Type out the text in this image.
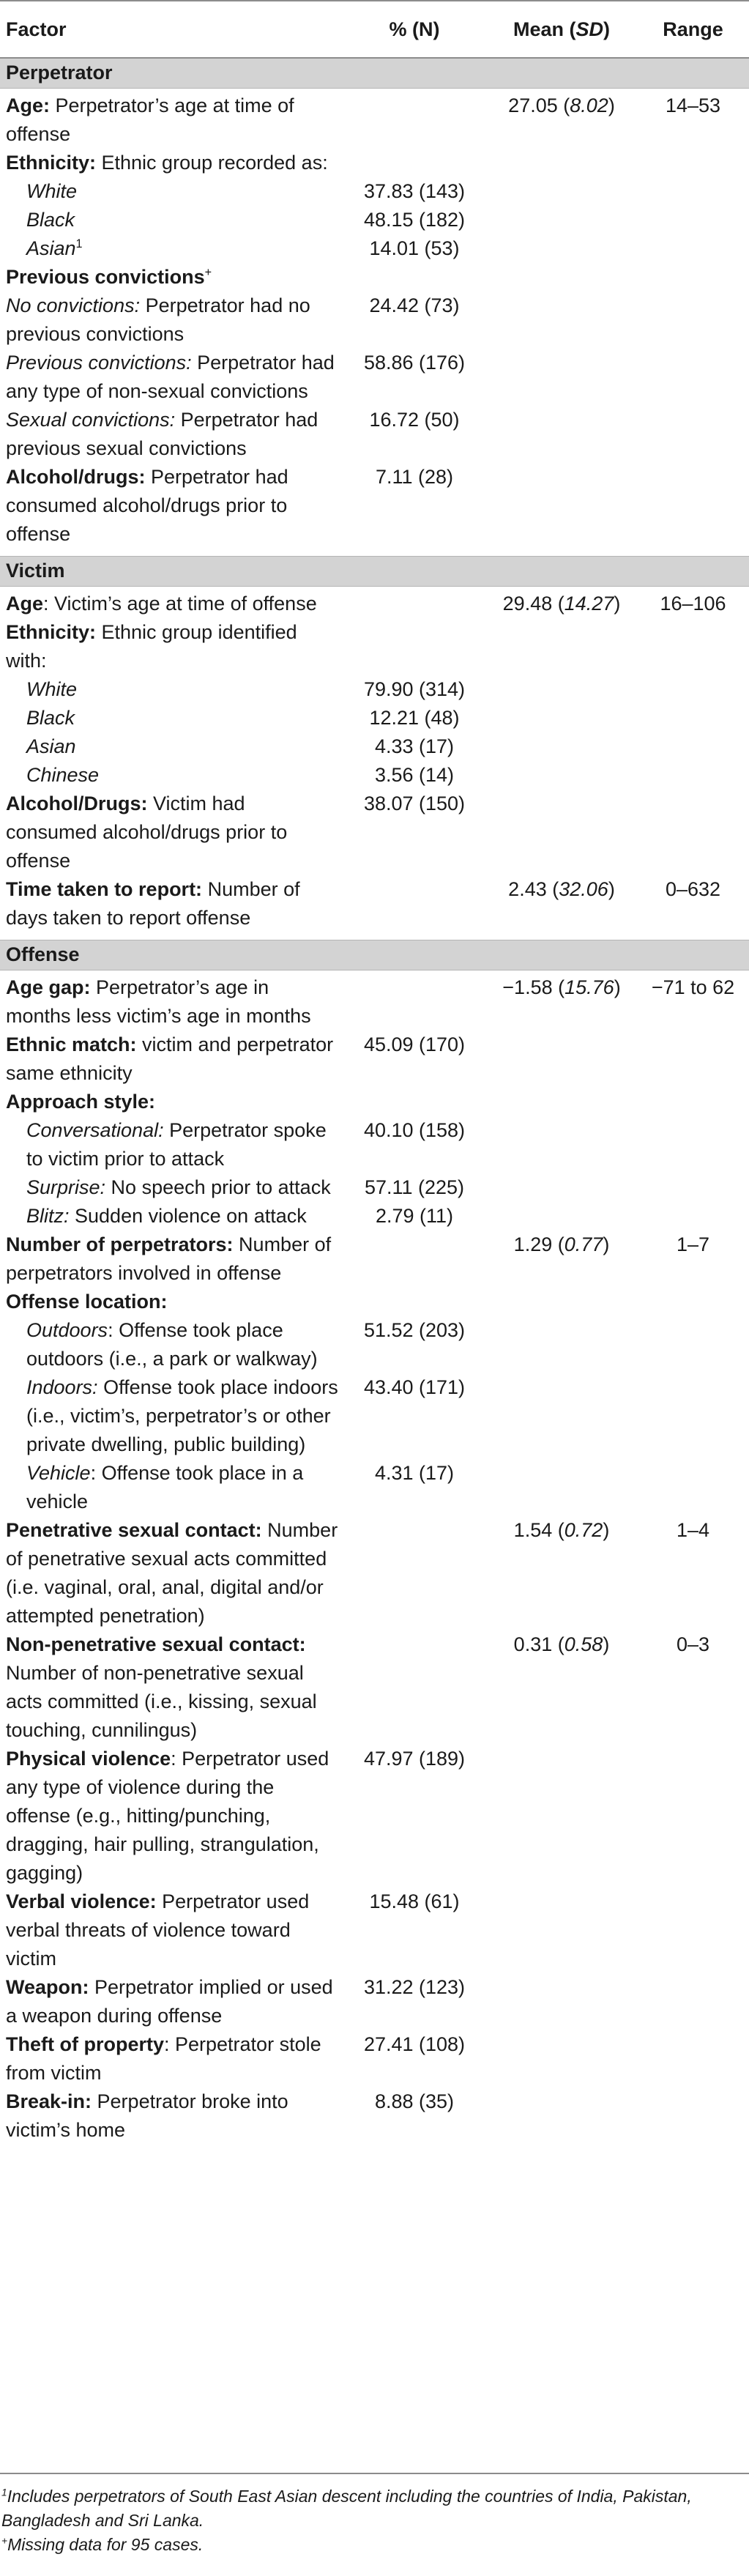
Factor	% (N)	Mean (SD)	Range
Perpetrator			
Age: Perpetrator’s age at time of offense		27.05 (8.02)	14–53
Ethnicity: Ethnic group recorded as:			
White	37.83 (143)		
Black	48.15 (182)		
Asian$^1$	14.01 (53)		
Previous convictions+			
No convictions: Perpetrator had no previous convictions	24.42 (73)		
Previous convictions: Perpetrator had any type of non-sexual convictions	58.86 (176)		
Sexual convictions: Perpetrator had previous sexual convictions	16.72 (50)		
Alcohol/drugs: Perpetrator had consumed alcohol/drugs prior to offense	7.11 (28)		
Victim			
Age: Victim’s age at time of offense		29.48 (14.27)	16–106
Ethnicity: Ethnic group identified with:			
White	79.90 (314)		
Black	12.21 (48)		
Asian	4.33 (17)		
Chinese	3.56 (14)		
Alcohol/Drugs: Victim had consumed alcohol/drugs prior to offense	38.07 (150)		
Time taken to report: Number of days taken to report offense		2.43 (32.06)	0–632
Offense			
Age gap: Perpetrator’s age in months less victim’s age in months		−1.58 (15.76)	−71 to 62
Ethnic match: victim and perpetrator same ethnicity	45.09 (170)		
Approach style:			
Conversational: Perpetrator spoke to victim prior to attack	40.10 (158)		
Surprise: No speech prior to attack	57.11 (225)		
Blitz: Sudden violence on attack	2.79 (11)		
Number of perpetrators: Number of perpetrators involved in offense		1.29 (0.77)	1–7
Offense location:			
Outdoors: Offense took place outdoors (i.e., a park or walkway)	51.52 (203)		
Indoors: Offense took place indoors (i.e., victim’s, perpetrator’s or other private dwelling, public building)	43.40 (171)		
Vehicle: Offense took place in a vehicle	4.31 (17)		
Penetrative sexual contact: Number of penetrative sexual acts committed (i.e. vaginal, oral, anal, digital and/or attempted penetration)		1.54 (0.72)	1–4
Non-penetrative sexual contact: Number of non-penetrative sexual acts committed (i.e., kissing, sexual touching, cunnilingus)		0.31 (0.58)	0–3
Physical violence: Perpetrator used any type of violence during the offense (e.g., hitting/punching, dragging, hair pulling, strangulation, gagging)	47.97 (189)		
Verbal violence: Perpetrator used verbal threats of violence toward victim	15.48 (61)		
Weapon: Perpetrator implied or used a weapon during offense	31.22 (123)		
Theft of property: Perpetrator stole from victim	27.41 (108)		
Break-in: Perpetrator broke into victim’s home	8.88 (35)		
$^1$Includes perpetrators of South East Asian descent including the countries of India, Pakistan, Bangladesh and Sri Lanka.
+Missing data for 95 cases.
